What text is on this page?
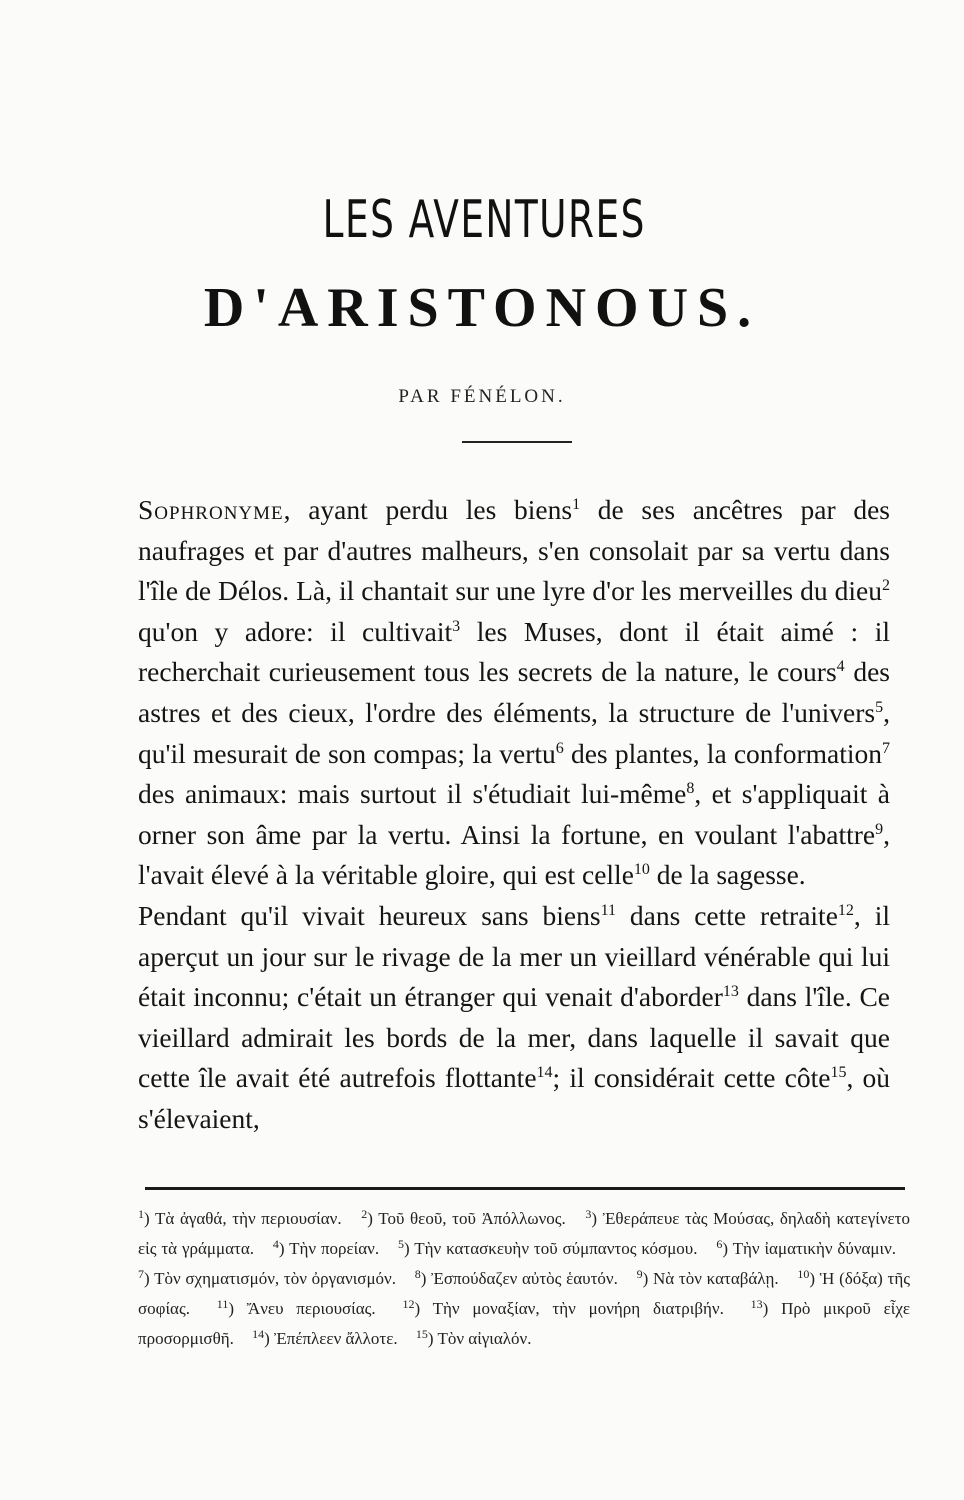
LES AVENTURES
D'ARISTONOUS.
PAR FÉNÉLON.

Sophronyme, ayant perdu les biens$^1$ de ses ancêtres par des naufrages et par d'autres malheurs, s'en consolait par sa vertu dans l'île de Délos. Là, il chantait sur une lyre d'or les merveilles du dieu$^2$ qu'on y adore: il cultivait$^3$ les Muses, dont il était aimé : il recherchait curieusement tous les secrets de la nature, le cours$^4$ des astres et des cieux, l'ordre des éléments, la structure de l'univers$^5$, qu'il mesurait de son compas; la vertu$^6$ des plantes, la conformation$^7$ des animaux: mais surtout il s'étudiait lui-même$^8$, et s'appliquait à orner son âme par la vertu. Ainsi la fortune, en voulant l'abattre$^9$, l'avait élevé à la véritable gloire, qui est celle$^{10}$ de la sagesse.

Pendant qu'il vivait heureux sans biens$^{11}$ dans cette retraite$^{12}$, il aperçut un jour sur le rivage de la mer un vieillard vénérable qui lui était inconnu; c'était un étranger qui venait d'aborder$^{13}$ dans l'île. Ce vieillard admirait les bords de la mer, dans laquelle il savait que cette île avait été autrefois flottante$^{14}$; il considérait cette côte$^{15}$, où s'élevaient,

$^1$) Τὰ ἀγαθά, τὴν περιουσίαν. $^2$) Τοῦ θεοῦ, τοῦ Ἀπόλλωνος. $^3$) Ἐθεράπευε τὰς Μούσας, δηλαδὴ κατεγίνετο εἰς τὰ γράμματα. $^4$) Τὴν πορείαν. $^5$) Τὴν κατασκευὴν τοῦ σύμπαντος κόσμου. $^6$) Τὴν ἰαματικὴν δύναμιν. $^7$) Τὸν σχηματισμόν, τὸν ὀργανισμόν. $^8$) Ἐσπούδαζεν αὐτὸς ἑαυτόν. $^9$) Νὰ τὸν καταβάλῃ. $^{10}$) Ἡ (δόξα) τῆς σοφίας. $^{11}$) Ἄνευ περιουσίας. $^{12}$) Τὴν μοναξίαν, τὴν μονήρη διατριβήν. $^{13}$) Πρὸ μικροῦ εἶχε προσορμισθῆ. $^{14}$) Ἐπέπλεεν ἄλλοτε. $^{15}$) Τὸν αἰγιαλόν.
